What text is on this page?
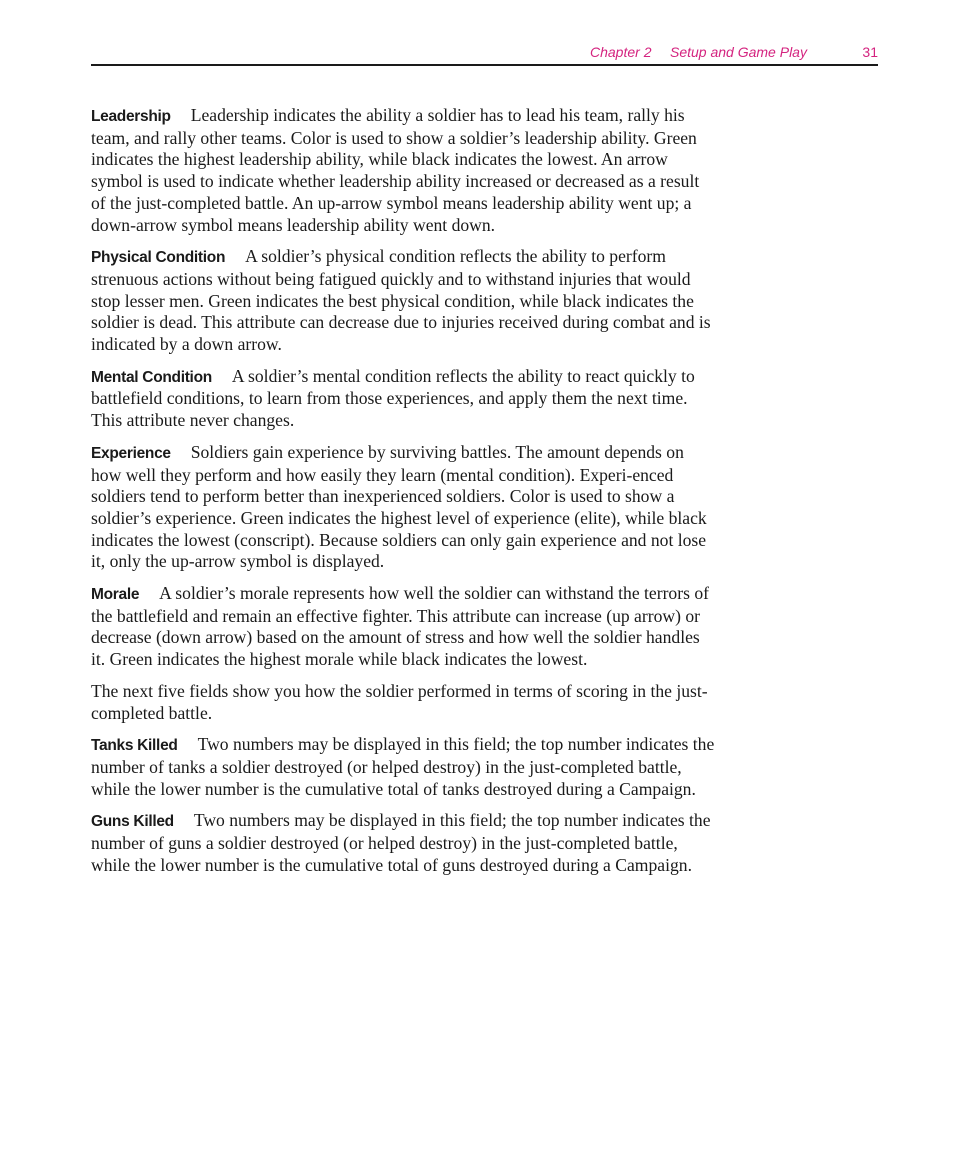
Chapter 2 Setup and Game Play	31

Leadership Leadership indicates the ability a soldier has to lead his team, rally his team, and rally other teams. Color is used to show a soldier’s leadership ability. Green indicates the highest leadership ability, while black indicates the lowest. An arrow symbol is used to indicate whether leadership ability increased or decreased as a result of the just-completed battle. An up-arrow symbol means leadership ability went up; a down-arrow symbol means leadership ability went down.

Physical Condition A soldier’s physical condition reflects the ability to perform strenuous actions without being fatigued quickly and to withstand injuries that would stop lesser men. Green indicates the best physical condition, while black indicates the soldier is dead. This attribute can decrease due to injuries received during combat and is indicated by a down arrow.

Mental Condition A soldier’s mental condition reflects the ability to react quickly to battlefield conditions, to learn from those experiences, and apply them the next time. This attribute never changes.

Experience Soldiers gain experience by surviving battles. The amount depends on how well they perform and how easily they learn (mental condition). Experi-enced soldiers tend to perform better than inexperienced soldiers. Color is used to show a soldier’s experience. Green indicates the highest level of experience (elite), while black indicates the lowest (conscript). Because soldiers can only gain experience and not lose it, only the up-arrow symbol is displayed.

Morale A soldier’s morale represents how well the soldier can withstand the terrors of the battlefield and remain an effective fighter. This attribute can increase (up arrow) or decrease (down arrow) based on the amount of stress and how well the soldier handles it. Green indicates the highest morale while black indicates the lowest.

The next five fields show you how the soldier performed in terms of scoring in the just-completed battle.

Tanks Killed Two numbers may be displayed in this field; the top number indicates the number of tanks a soldier destroyed (or helped destroy) in the just-completed battle, while the lower number is the cumulative total of tanks destroyed during a Campaign.

Guns Killed Two numbers may be displayed in this field; the top number indicates the number of guns a soldier destroyed (or helped destroy) in the just-completed battle, while the lower number is the cumulative total of guns destroyed during a Campaign.
